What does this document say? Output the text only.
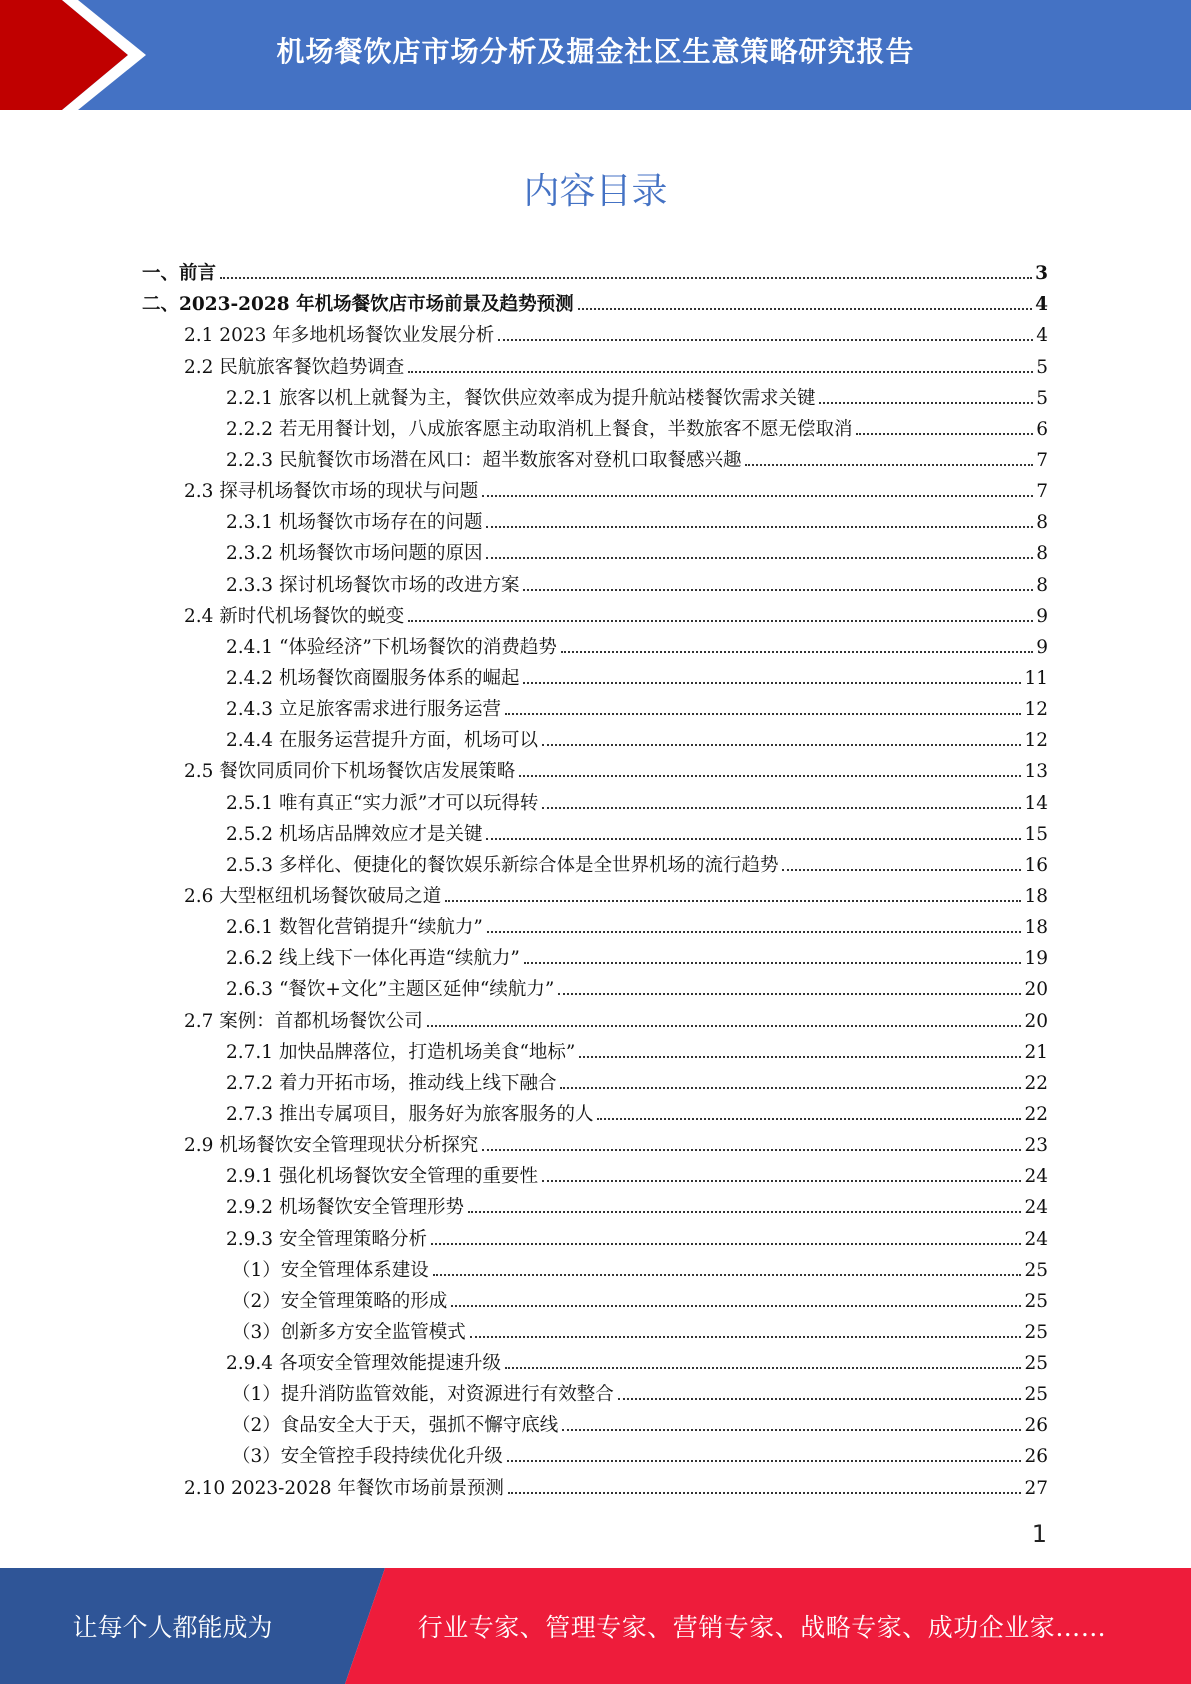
机场餐饮店市场分析及掘金社区生意策略研究报告
内容目录
一、前言	3
二、2023-2028 年机场餐饮店市场前景及趋势预测	4
2.1 2023 年多地机场餐饮业发展分析	4
2.2 民航旅客餐饮趋势调查	5
2.2.1 旅客以机上就餐为主，餐饮供应效率成为提升航站楼餐饮需求关键	5
2.2.2 若无用餐计划，八成旅客愿主动取消机上餐食，半数旅客不愿无偿取消	6
2.2.3 民航餐饮市场潜在风口：超半数旅客对登机口取餐感兴趣	7
2.3 探寻机场餐饮市场的现状与问题	7
2.3.1 机场餐饮市场存在的问题	8
2.3.2 机场餐饮市场问题的原因	8
2.3.3 探讨机场餐饮市场的改进方案	8
2.4 新时代机场餐饮的蜕变	9
2.4.1 “体验经济”下机场餐饮的消费趋势	9
2.4.2 机场餐饮商圈服务体系的崛起	11
2.4.3 立足旅客需求进行服务运营	12
2.4.4 在服务运营提升方面，机场可以	12
2.5 餐饮同质同价下机场餐饮店发展策略	13
2.5.1 唯有真正“实力派”才可以玩得转	14
2.5.2 机场店品牌效应才是关键	15
2.5.3 多样化、便捷化的餐饮娱乐新综合体是全世界机场的流行趋势	16
2.6 大型枢纽机场餐饮破局之道	18
2.6.1 数智化营销提升“续航力”	18
2.6.2 线上线下一体化再造“续航力”	19
2.6.3 “餐饮+文化”主题区延伸“续航力”	20
2.7 案例：首都机场餐饮公司	20
2.7.1 加快品牌落位，打造机场美食“地标”	21
2.7.2 着力开拓市场，推动线上线下融合	22
2.7.3 推出专属项目，服务好为旅客服务的人	22
2.9 机场餐饮安全管理现状分析探究	23
2.9.1 强化机场餐饮安全管理的重要性	24
2.9.2 机场餐饮安全管理形势	24
2.9.3 安全管理策略分析	24
（1）安全管理体系建设	25
（2）安全管理策略的形成	25
（3）创新多方安全监管模式	25
2.9.4 各项安全管理效能提速升级	25
（1）提升消防监管效能，对资源进行有效整合	25
（2）食品安全大于天，强抓不懈守底线	26
（3）安全管控手段持续优化升级	26
2.10 2023-2028 年餐饮市场前景预测	27
1
让每个人都能成为	行业专家、管理专家、营销专家、战略专家、成功企业家……
